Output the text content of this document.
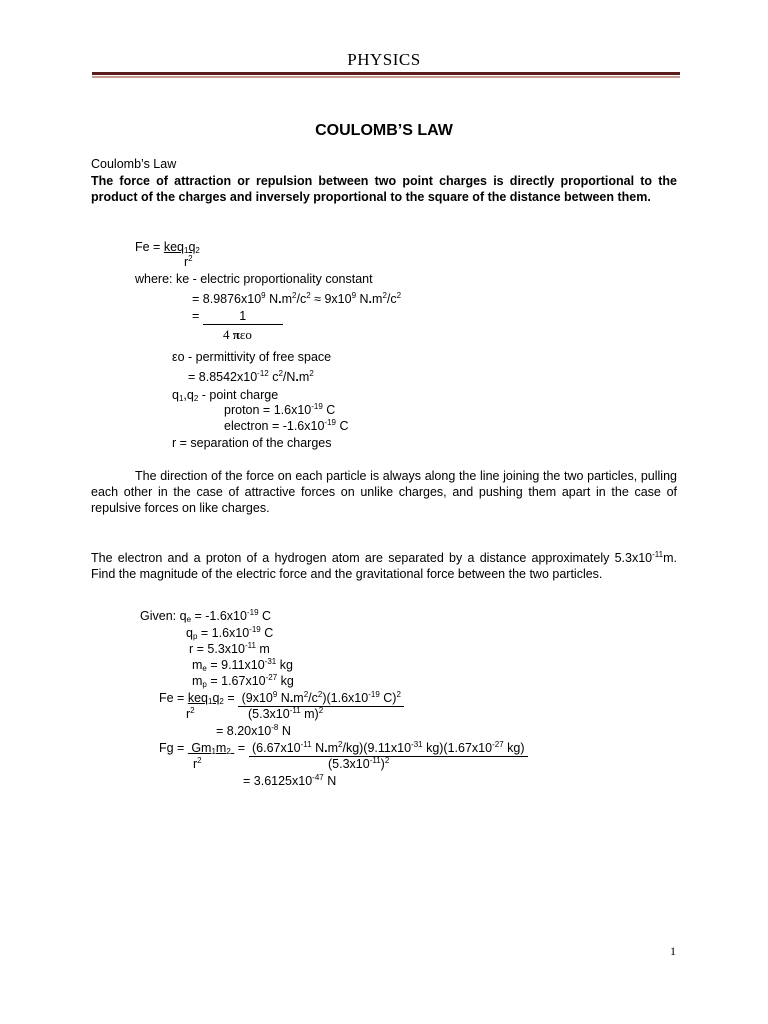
PHYSICS
COULOMB’S LAW
Coulomb’s Law
The force of attraction or repulsion between two point charges is directly proportional to the product of the charges and inversely proportional to the square of the distance between them.
$Fe = keq_1q_2$
$r^2$
where: ke - electric proportionality constant
= $8.9876x10^9$ $N.m^2/c^2 \approx 9x10^9$ $N.m^2/c^2$
=	1
4 πεo
εo - permittivity of free space
= $8.8542x10^{-12}$ $c^2/N.m^2$
$q_1,q_2$ - point charge
proton = $1.6x10^{-19}$ C
electron = $-1.6x10^{-19}$ C
r = separation of the charges
The direction of the force on each particle is always along the line joining the two particles, pulling each other in the case of attractive forces on unlike charges, and pushing them apart in the case of repulsive forces on like charges.
The electron and a proton of a hydrogen atom are separated by a distance approximately $5.3x10^{-11}m$. Find the magnitude of the electric force and the gravitational force between the two particles.
Given: $q_e = -1.6x10^{-19}$ C
$q_p = 1.6x10^{-19}$ C
$r = 5.3x10^{-11}$ m
$m_e = 9.11x10^{-31}$ kg
$m_p = 1.67x10^{-27}$ kg
$Fe = keq_1q_2 = (9x10^9$ $N.m^2/c^2)(1.6x10^{-19}$ C)$^2$
$r^2$	($5.3x10^{-11}$ m)$^2$
= $8.20x10^{-8}$ N
$Fg = Gm_1m_2 = (6.67x10^{-11}$ $N.m^2/kg)(9.11x10^{-31}$ $kg)(1.67x10^{-27}$ kg)
$r^2$	$(5.3x10^{-11})^2$
= $3.6125x10^{-47}$ N
1
